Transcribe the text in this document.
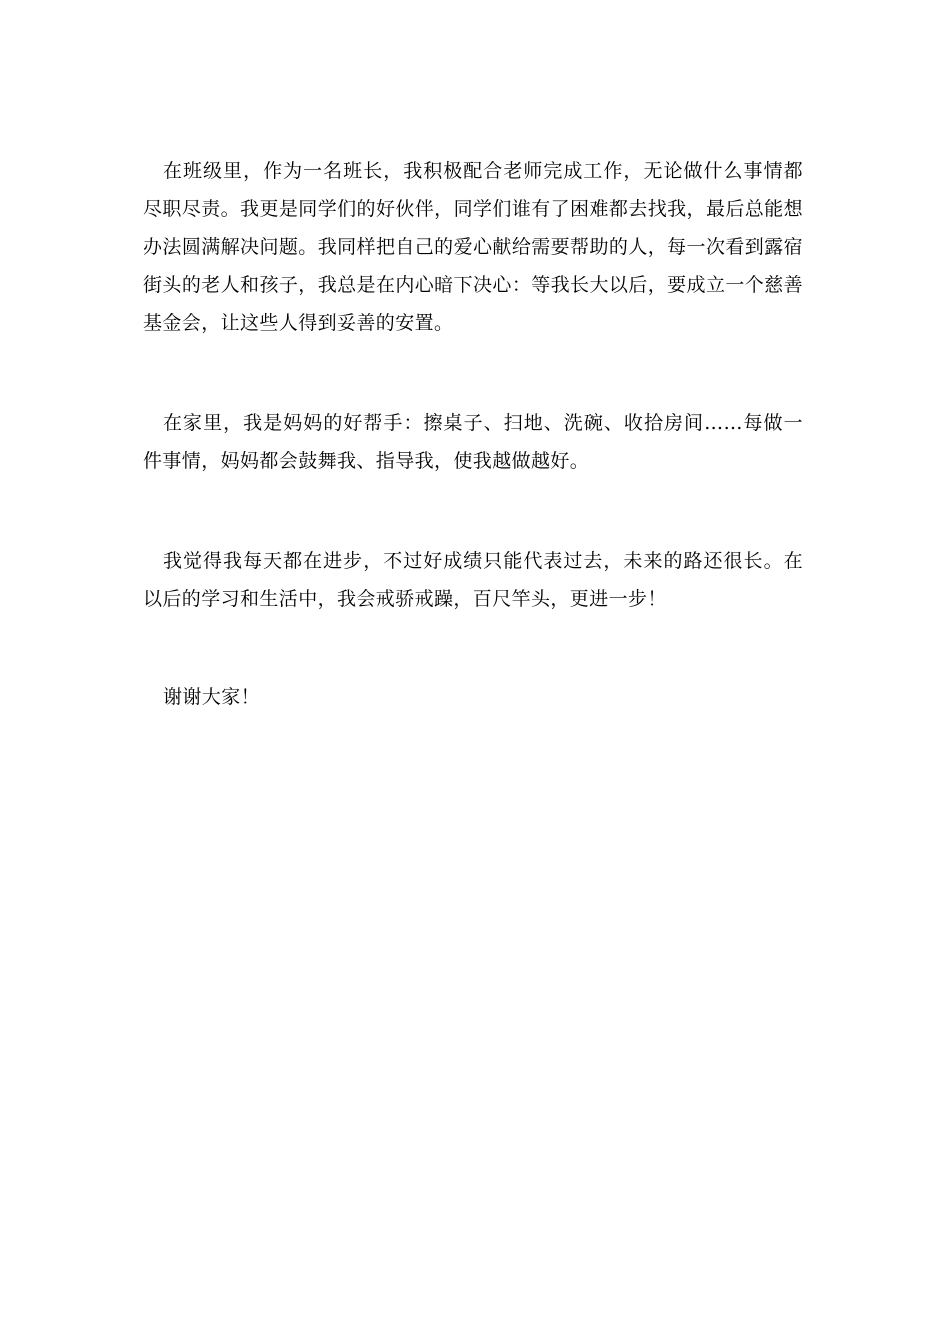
在班级里，作为一名班长，我积极配合老师完成工作，无论做什么事情都尽职尽责。我更是同学们的好伙伴，同学们谁有了困难都去找我，最后总能想办法圆满解决问题。我同样把自己的爱心献给需要帮助的人，每一次看到露宿街头的老人和孩子，我总是在内心暗下决心：等我长大以后，要成立一个慈善基金会，让这些人得到妥善的安置。

在家里，我是妈妈的好帮手：擦桌子、扫地、洗碗、收拾房间……每做一件事情，妈妈都会鼓舞我、指导我，使我越做越好。

我觉得我每天都在进步，不过好成绩只能代表过去，未来的路还很长。在以后的学习和生活中，我会戒骄戒躁，百尺竿头，更进一步！

谢谢大家！
